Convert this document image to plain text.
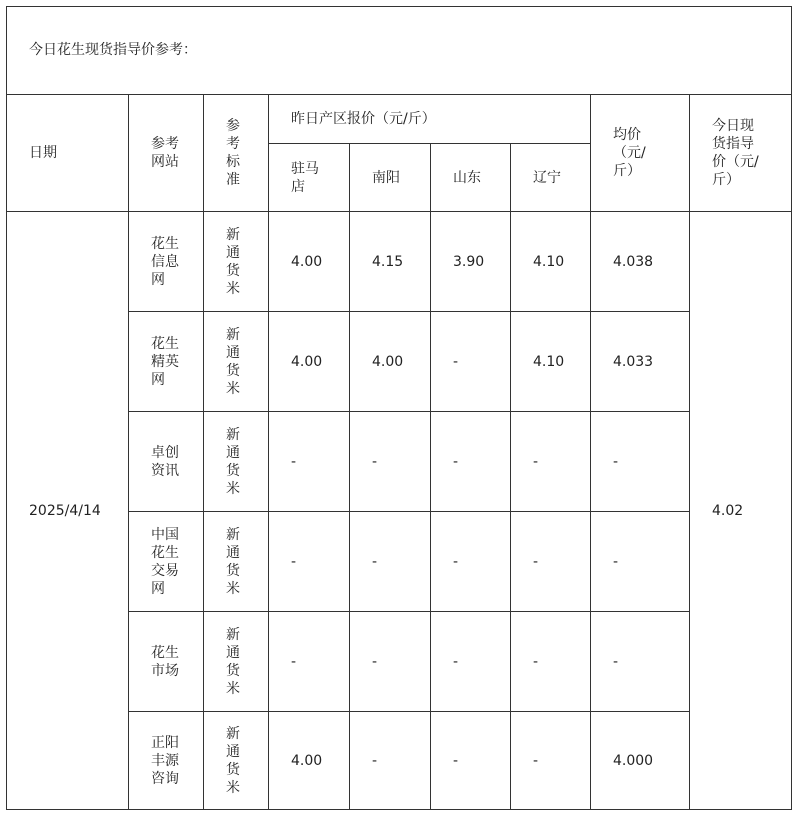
今日花生现货指导价参考：								
日期	参考网站	参考标准	昨日产区报价（元/斤）				均价（元/斤）	今日现货指导价（元/斤）

			驻马店	南阳	山东	辽宁		
2025/4/14	花生信息网	新通货米	4.00	4.15	3.90	4.10	4.038	4.02

	花生精英网	新通货米	4.00	4.00	-	4.10	4.033	

	卓创资讯	新通货米	-	-	-	-	-	

	中国花生交易网	新通货米	-	-	-	-	-	

	花生市场	新通货米	-	-	-	-	-	

	正阳丰源咨询	新通货米	4.00	-	-	-	4.000	
